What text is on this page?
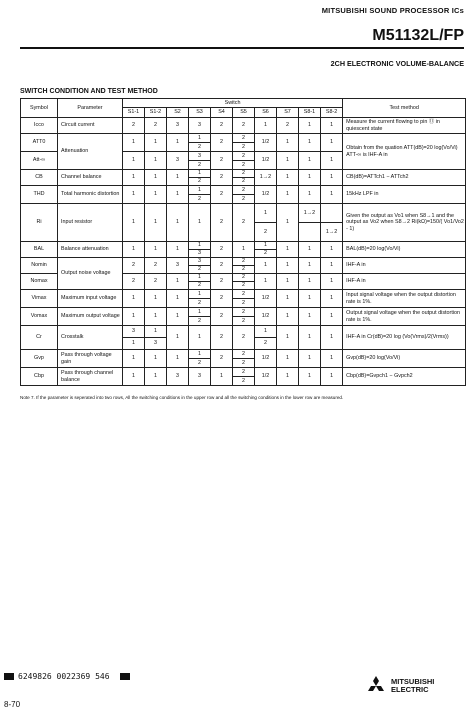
MITSUBISHI SOUND PROCESSOR ICs
M51132L/FP
2CH ELECTRONIC VOLUME-BALANCE
SWITCH CONDITION AND TEST METHOD
Symbol	Parameter	Switch										Test method
		S1-1	S1-2	S2	S3	S4	S5	S6	S7	S8-1	S8-2	
Icco	Circuit current	2	2	3	3	2	2	1	2	1	1	Measure the current flowing to pin ⑪ in quiescent state
ATT0	Attenuation	1	1	1	1	2	2	1/2	1	1	1	Obtain from the quation ATT(dB)=20 log(Vo/Vi) ATT-∞ is IHF-A in
					2		2					
Att-∞		1	1	3	3	2	2	1/2	1	1	1	
					2		2					
CB	Channel balance	1	1	1	1	2	2	1→2	1	1	1	CB(dB)=ATTch1 − ATTch2
					2		2					
THD	Total harmonic distortion	1	1	1	1	2	2	1/2	1	1	1	15kHz LPF in
					2		2					
Ri	Input resistor	1	1	1	1	2	2	1	1	1→2		Given the output as Vo1 when S8→1 and the output as Vo2 when S8→2 Ri(kΩ)=150/( Vo1/Vo2 - 1)
								2			1→2	
BAL	Balance attenuation	1	1	1	1	2	1	1	1	1	1	BAL(dB)=20 log(Vo/Vi)
					3			2				
Nomin	Output noise voltage	2	2	3	3	2	2	1	1	1	1	IHF-A in
					2		2					
Nomax		2	2	1	1	2	2	1	1	1	1	IHF-A in
					2		2					
Vimax	Maximum input voltage	1	1	1	1	2	2	1/2	1	1	1	Input signal voltage when the output distortion rate is 1%.
					2		2					
Vomax	Maximum output voltage	1	1	1	1	2	2	1/2	1	1	1	Output signal voltage when the output distortion rate is 1%.
					2		2					
Cr	Crosstalk	3	1	1	1	2	2	1	1	1	1	IHF-A in Cr(dB)=20 log (Vo(Vrms)/2(Vrms))
		1	3					2				
Gvp	Pass through voltage gain	1	1	1	1	2	2	1/2	1	1	1	Gvp(dB)=20 log(Vo/Vi)
					2		2					
Cbp	Pass through channel balance	1	1	3	3	1	2	1/2	1	1	1	Cbp(dB)=Gvpch1 − Gvpch2
							2					
Note 7. If the parameter is seperated into two rows, All the switching conditions in the upper row and all the switching conditions in the lower row are measured.
6249826 0022369 546
8-70
MITSUBISHI
ELECTRIC
